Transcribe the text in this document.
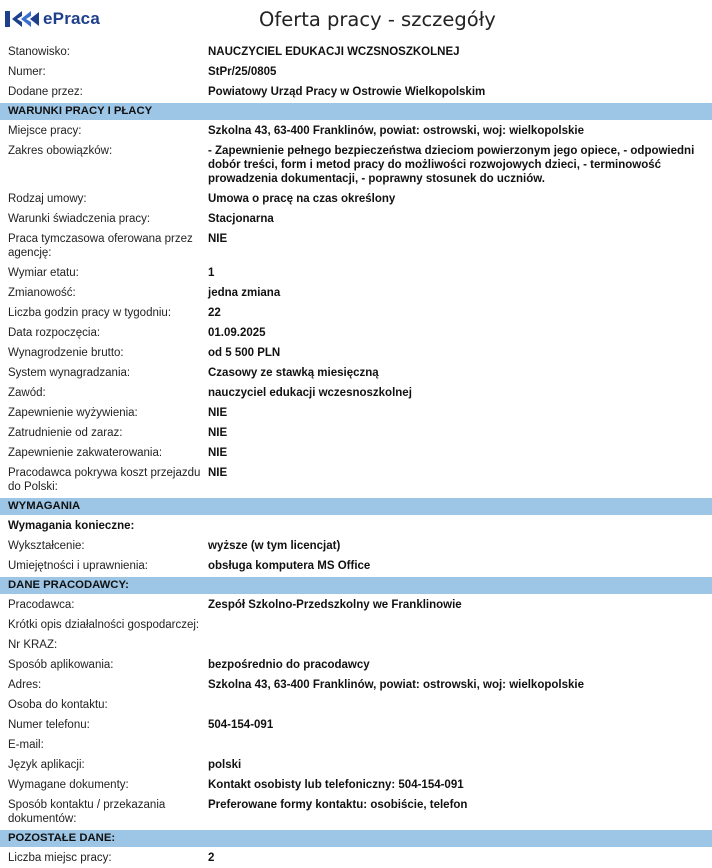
ePraca	Oferta pracy - szczegóły
Stanowisko:	NAUCZYCIEL EDUKACJI WCZSNOSZKOLNEJ
Numer:	StPr/25/0805
Dodane przez:	Powiatowy Urząd Pracy w Ostrowie Wielkopolskim
WARUNKI PRACY I PŁACY
Miejsce pracy:	Szkolna 43, 63-400 Franklinów, powiat: ostrowski, woj: wielkopolskie
Zakres obowiązków:	- Zapewnienie pełnego bezpieczeństwa dzieciom powierzonym jego opiece, - odpowiedni dobór treści, form i metod pracy do możliwości rozwojowych dzieci, - terminowość prowadzenia dokumentacji, - poprawny stosunek do uczniów.
Rodzaj umowy:	Umowa o pracę na czas określony
Warunki świadczenia pracy:	Stacjonarna
Praca tymczasowa oferowana przez agencję:
NIE
Wymiar etatu:	1
Zmianowość:	jedna zmiana
Liczba godzin pracy w tygodniu:	22
Data rozpoczęcia:	01.09.2025
Wynagrodzenie brutto:	od 5 500 PLN
System wynagradzania:	Czasowy ze stawką miesięczną
Zawód:	nauczyciel edukacji wczesnoszkolnej
Zapewnienie wyżywienia:	NIE
Zatrudnienie od zaraz:	NIE
Zapewnienie zakwaterowania:	NIE
Pracodawca pokrywa koszt przejazdu do Polski:
NIE
WYMAGANIA
Wymagania konieczne:
Wykształcenie:	wyższe (w tym licencjat)
Umiejętności i uprawnienia:	obsługa komputera MS Office
DANE PRACODAWCY:
Pracodawca:	Zespół Szkolno-Przedszkolny we Franklinowie
Krótki opis działalności gospodarczej:
Nr KRAZ:
Sposób aplikowania:	bezpośrednio do pracodawcy
Adres:	Szkolna 43, 63-400 Franklinów, powiat: ostrowski, woj: wielkopolskie
Osoba do kontaktu:
Numer telefonu:	504-154-091
E-mail:
Język aplikacji:	polski
Wymagane dokumenty:	Kontakt osobisty lub telefoniczny: 504-154-091
Sposób kontaktu / przekazania dokumentów:
Preferowane formy kontaktu: osobiście, telefon
POZOSTAŁE DANE:
Liczba miejsc pracy:	2
